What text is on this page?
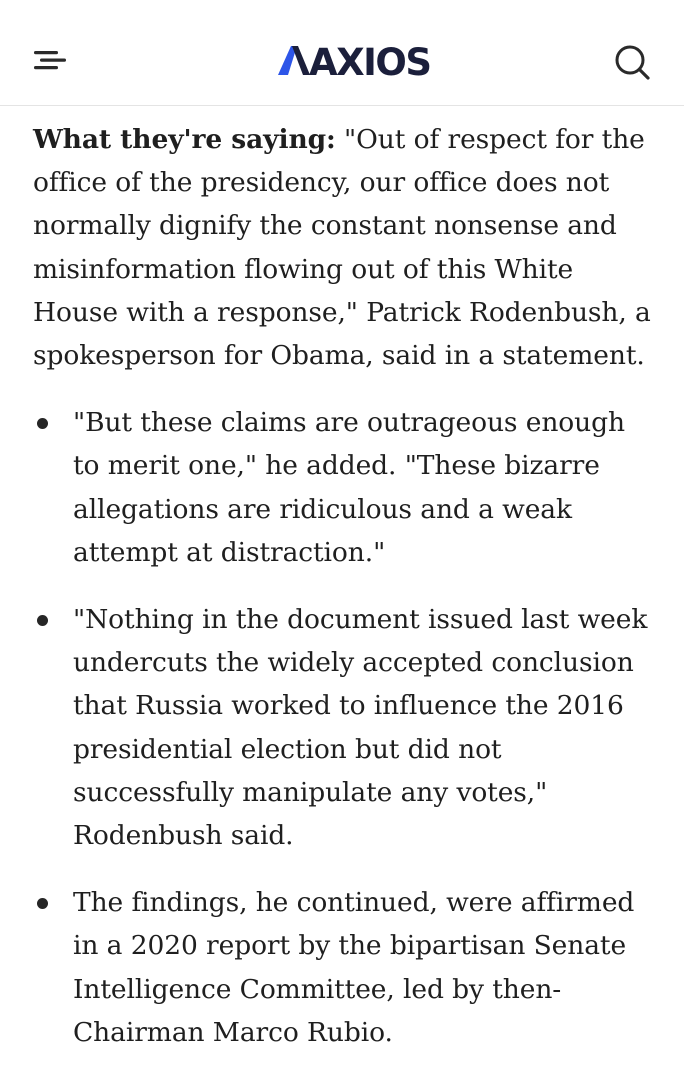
AXIOS

What they're saying: "Out of respect for the office of the presidency, our office does not normally dignify the constant nonsense and misinformation flowing out of this White House with a response," Patrick Rodenbush, a spokesperson for Obama, said in a statement.

"But these claims are outrageous enough to merit one," he added. "These bizarre allegations are ridiculous and a weak attempt at distraction."
"Nothing in the document issued last week undercuts the widely accepted conclusion that Russia worked to influence the 2016 presidential election but did not successfully manipulate any votes," Rodenbush said.
The findings, he continued, were affirmed in a 2020 report by the bipartisan Senate Intelligence Committee, led by then-Chairman Marco Rubio.
